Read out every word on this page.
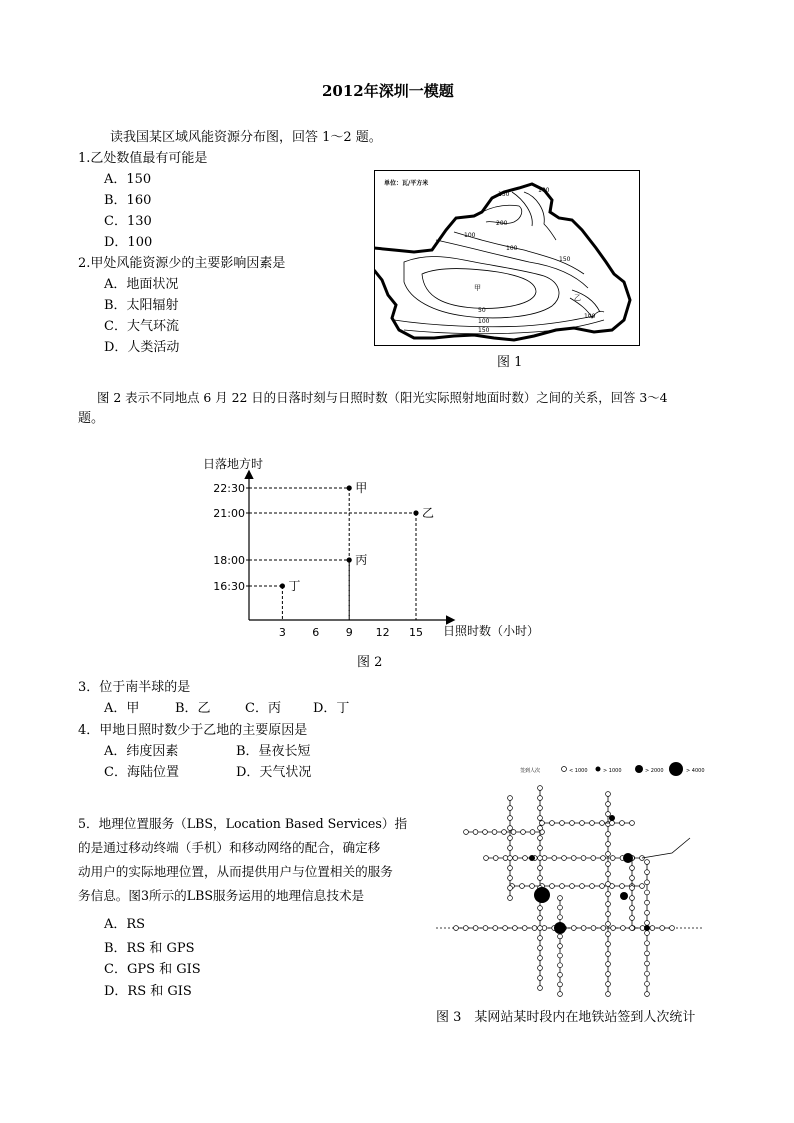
2012年深圳一模题
读我国某区域风能资源分布图，回答 1～2 题。
1.乙处数值最有可能是
A．150
B．160
C．130
D．100
2.甲处风能资源少的主要影响因素是
A．地面状况
B．太阳辐射
C．大气环流
D．人类活动
单位：瓦/平方米
150
100
200
100
150
100
甲
50
100
150
乙
100
图 1
图 2 表示不同地点 6 月 22 日的日落时刻与日照时数（阳光实际照射地面时数）之间的关系，回答 3～4
题。
日落地方时
日照时数（小时）
3 6 9 12 15
16:30
18:00
21:00
22:30	甲
乙
丙
丁
图 2
3．位于南半球的是
A．甲	B．乙	C．丙 D．丁
4．甲地日照时数少于乙地的主要原因是
A．纬度因素	B．昼夜长短
C．海陆位置	D．天气状况
5．地理位置服务（LBS，Location Based Services）指
的是通过移动终端（手机）和移动网络的配合，确定移
动用户的实际地理位置，从而提供用户与位置相关的服务
务信息。图3所示的LBS服务运用的地理信息技术是
A．RS
B．RS 和 GPS
C．GPS 和 GIS
D．RS 和 GIS
签到人次	< 1000	> 1000	> 2000	> 4000
图 3　某网站某时段内在地铁站签到人次统计
